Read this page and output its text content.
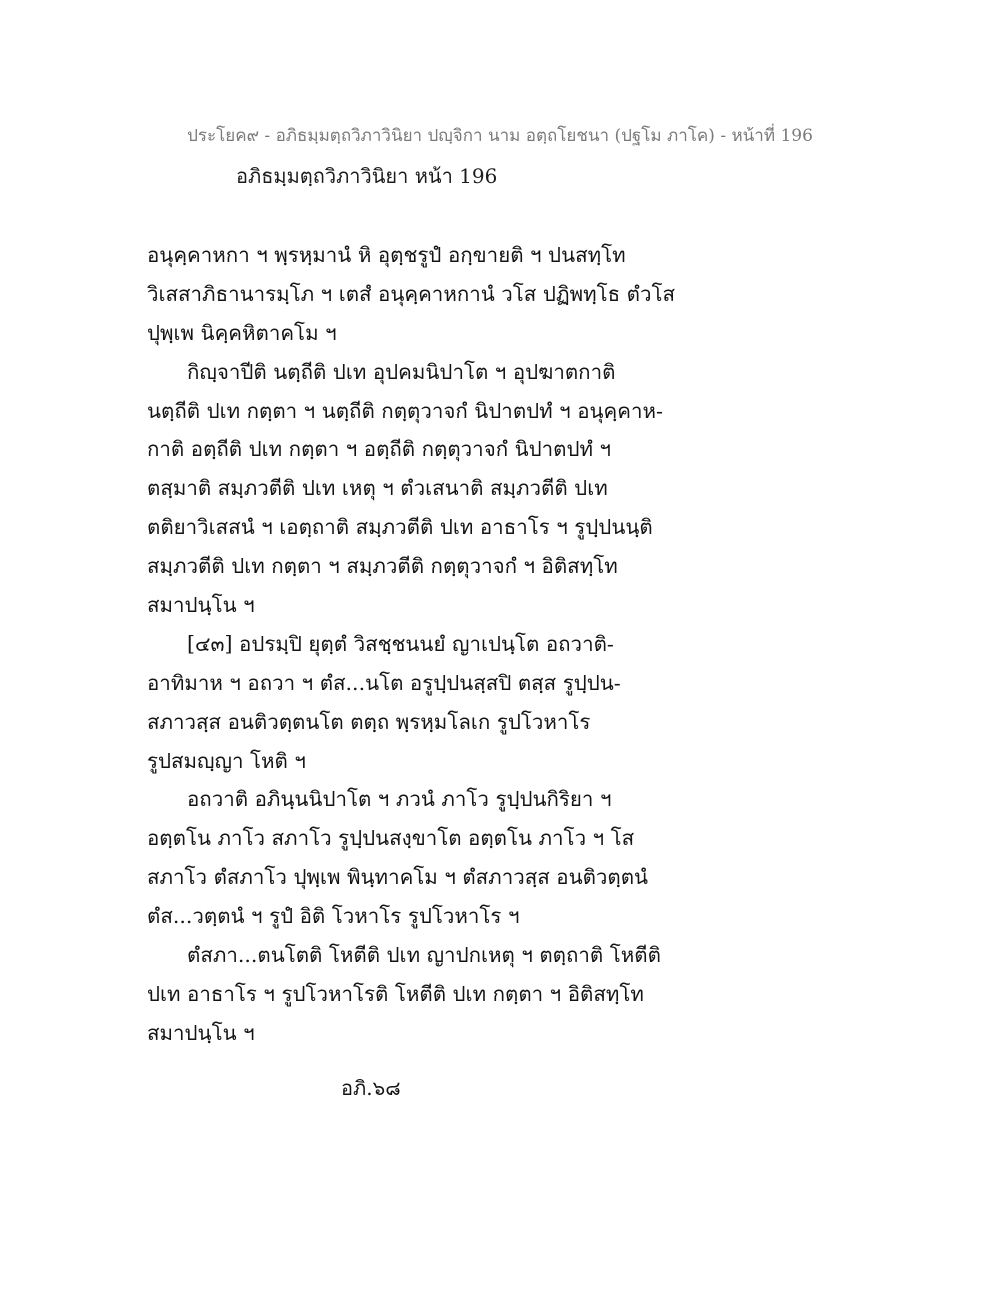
ประโยค๙ - อภิธมฺมตฺถวิภาวินิยา ปญฺจิกา นาม อตฺถโยชนา (ปฐโม ภาโค) - หน้าที่ 196
อภิธมฺมตฺถวิภาวินิยา หน้า 196
อนุคฺคาหกา ฯ พฺรหฺมานํ หิ อุตฺชรูปํ อกฺขายติ ฯ ปนสทฺโท
วิเสสาภิธานารมฺโภ ฯ เตสํ อนุคฺคาหกานํ วโส ปฏิพทฺโธ ตํวโส
ปุพฺเพ นิคฺคหิตาคโม ฯ
กิญฺจาปีติ นตฺถีติ ปเท อุปคมนิปาโต ฯ อุปฆาตกาติ
นตฺถีติ ปเท กตฺตา ฯ นตฺถีติ กตฺตุวาจกํ นิปาตปทํ ฯ อนุคฺคาห-
กาติ อตฺถีติ ปเท กตฺตา ฯ อตฺถีติ กตฺตุวาจกํ นิปาตปทํ ฯ
ตสฺมาติ สมฺภวตีติ ปเท เหตุ ฯ ตํวเสนาติ สมฺภวตีติ ปเท
ตติยาวิเสสนํ ฯ เอตฺถาติ สมฺภวตีติ ปเท อาธาโร ฯ รูปฺปนนฺติ
สมฺภวตีติ ปเท กตฺตา ฯ สมฺภวตีติ กตฺตุวาจกํ ฯ อิติสทฺโท
สมาปนฺโน ฯ
[๔๓] อปรมฺปิ ยุตฺตํ วิสชฺชนนยํ ญาเปนฺโต อถวาติ-
อาทิมาห ฯ อถวา ฯ ตํส...นโต อรูปฺปนสฺสปิ ตสฺส รูปฺปน-
สภาวสฺส อนติวตฺตนโต ตตฺถ พฺรหฺมโลเก รูปโวหาโร
รูปสมญฺญา โหติ ฯ
อถวาติ อภินฺนนิปาโต ฯ ภวนํ ภาโว รูปฺปนกิริยา ฯ
อตฺตโน ภาโว สภาโว รูปฺปนสงฺขาโต อตฺตโน ภาโว ฯ โส
สภาโว ตํสภาโว ปุพฺเพ พินฺทาคโม ฯ ตํสภาวสฺส อนติวตฺตนํ
ตํส...วตฺตนํ ฯ รูปํ อิติ โวหาโร รูปโวหาโร ฯ
ตํสภา...ตนโตติ โหตีติ ปเท ญาปกเหตุ ฯ ตตฺถาติ โหตีติ
ปเท อาธาโร ฯ รูปโวหาโรติ โหตีติ ปเท กตฺตา ฯ อิติสทฺโท
สมาปนฺโน ฯ
อภิ.๖๘
